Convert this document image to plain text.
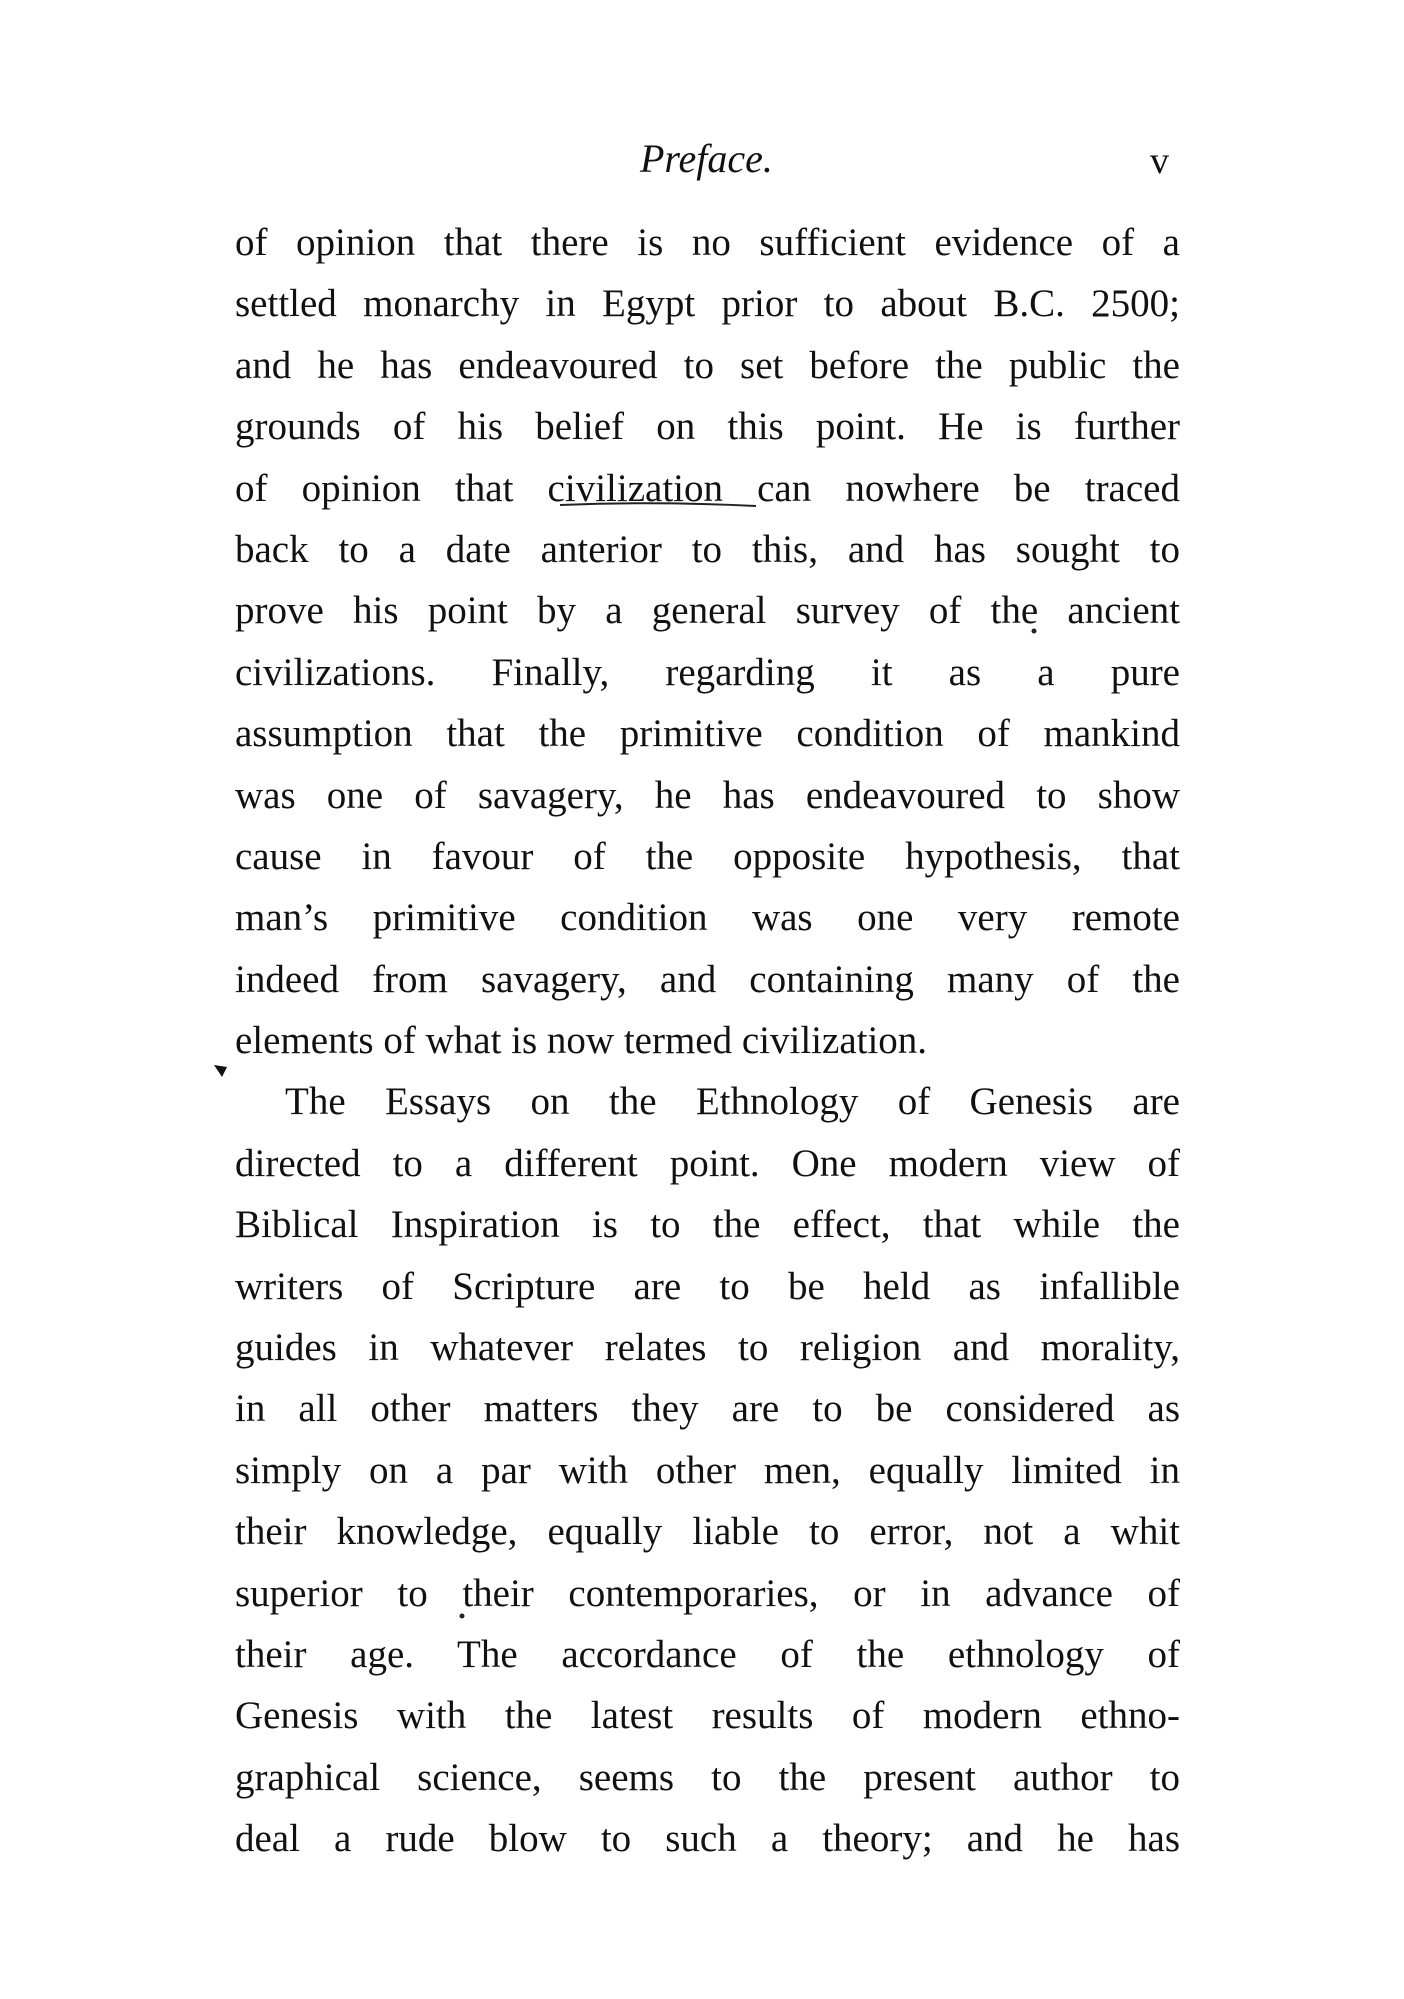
Preface.	v
of opinion that there is no sufficient evidence of a
settled monarchy in Egypt prior to about B.C. 2500;
and he has endeavoured to set before the public the
grounds of his belief on this point. He is further
of opinion that civilization can nowhere be traced
back to a date anterior to this, and has sought to
prove his point by a general survey of the ancient
civilizations. Finally, regarding it as a pure
assumption that the primitive condition of mankind
was one of savagery, he has endeavoured to show
cause in favour of the opposite hypothesis, that
man’s primitive condition was one very remote
indeed from savagery, and containing many of the
elements of what is now termed civilization.
The Essays on the Ethnology of Genesis are
directed to a different point. One modern view of
Biblical Inspiration is to the effect, that while the
writers of Scripture are to be held as infallible
guides in whatever relates to religion and morality,
in all other matters they are to be considered as
simply on a par with other men, equally limited in
their knowledge, equally liable to error, not a whit
superior to their contemporaries, or in advance of
their age. The accordance of the ethnology of
Genesis with the latest results of modern ethno-
graphical science, seems to the present author to
deal a rude blow to such a theory; and he has
